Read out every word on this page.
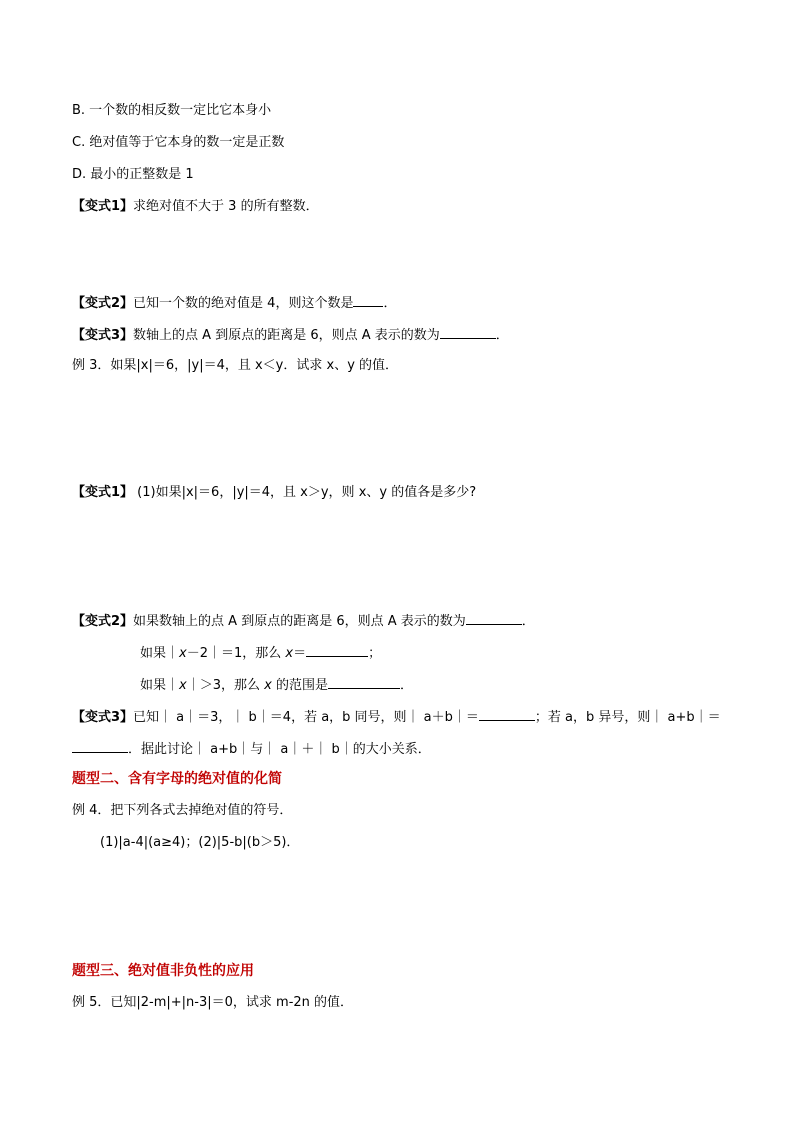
B. 一个数的相反数一定比它本身小
C. 绝对值等于它本身的数一定是正数
D. 最小的正整数是 1
【变式1】求绝对值不大于 3 的所有整数．
【变式2】已知一个数的绝对值是 4，则这个数是 ．
【变式3】数轴上的点 A 到原点的距离是 6，则点 A 表示的数为	．
例 3．如果|x|＝6，|y|＝4，且 x＜y．试求 x、y 的值．
【变式1】 (1)如果|x|＝6，|y|＝4，且 x＞y，则 x、y 的值各是多少?
【变式2】如果数轴上的点 A 到原点的距离是 6，则点 A 表示的数为	．
如果｜x－2｜＝1，那么 x＝	；
如果｜x｜＞3，那么 x 的范围是	．
【变式3】已知｜ a｜＝3，｜ b｜＝4，若 a，b 同号，则｜ a＋b｜＝	；若 a，b 异号，则｜ a+b｜＝
．据此讨论｜ a+b｜与｜ a｜＋｜ b｜的大小关系．
题型二、含有字母的绝对值的化简
例 4．把下列各式去掉绝对值的符号．
(1)|a-4|(a≥4)；(2)|5-b|(b＞5)．
题型三、绝对值非负性的应用
例 5．已知|2-m|+|n-3|＝0，试求 m-2n 的值．
